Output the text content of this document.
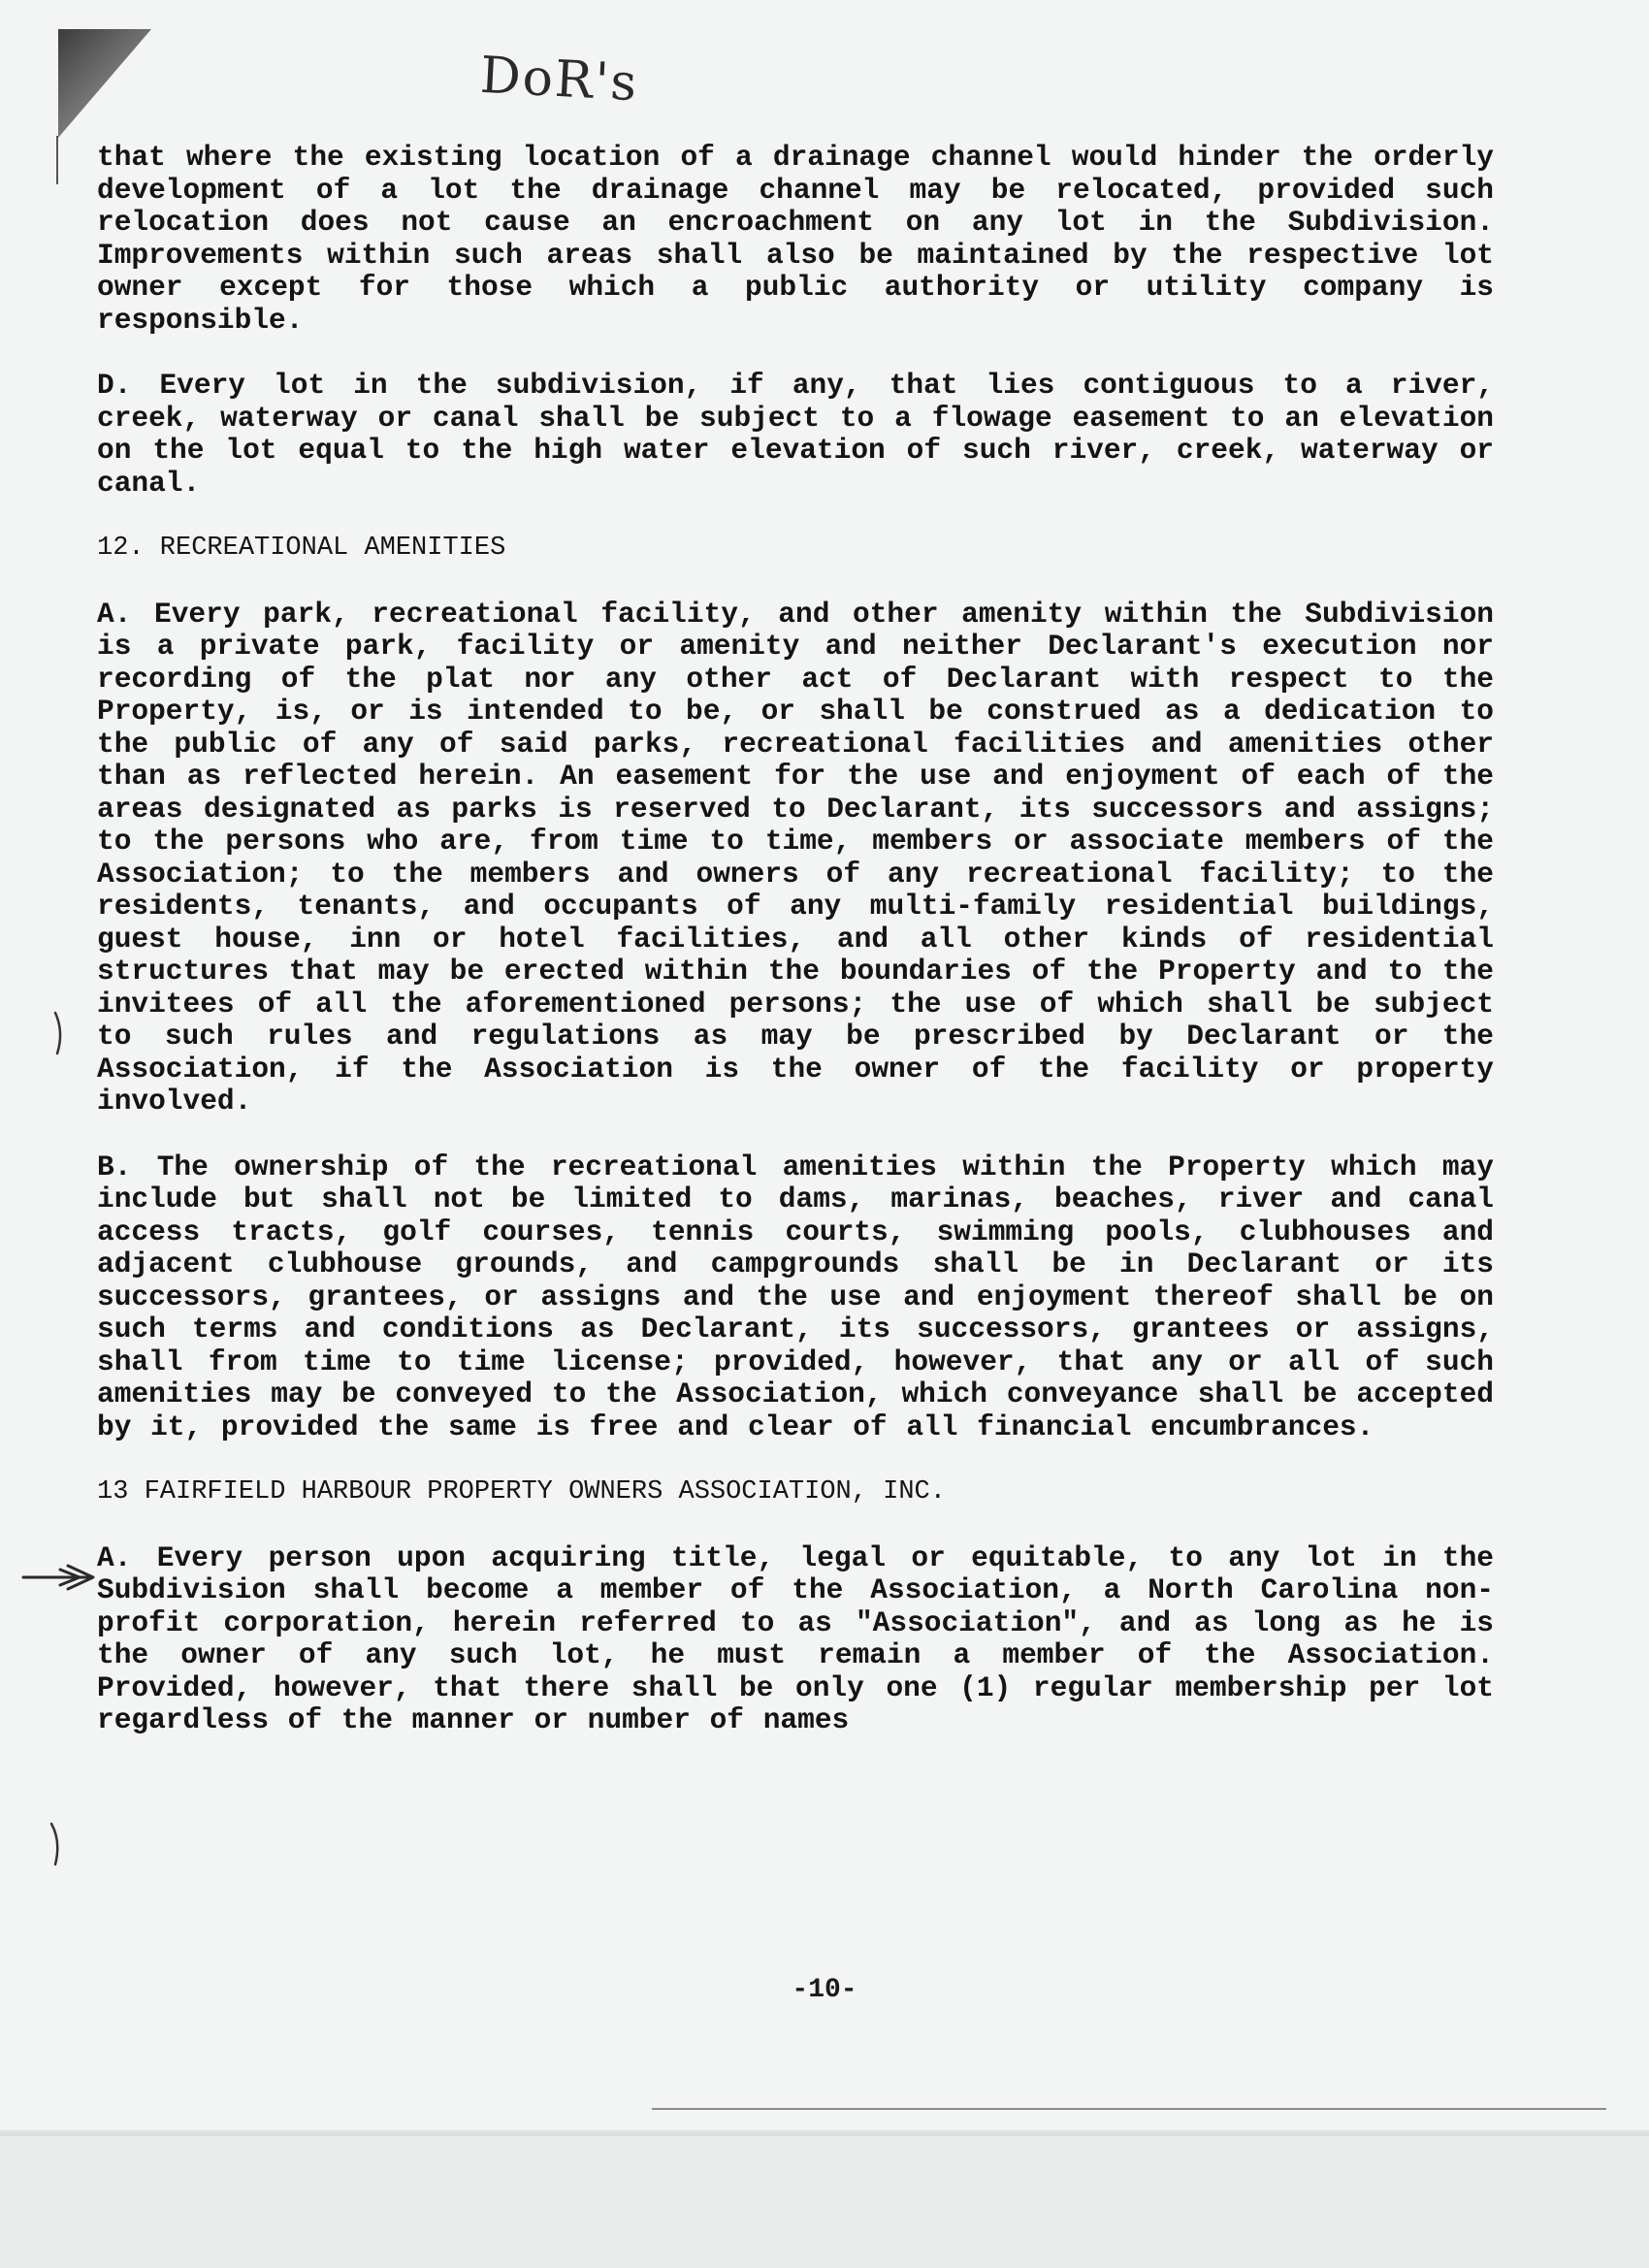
DoR's

that where the existing location of a drainage channel would hinder the orderly development of a lot the drainage channel may be relocated, provided such relocation does not cause an encroachment on any lot in the Subdivision. Improvements within such areas shall also be maintained by the respective lot owner except for those which a public authority or utility company is responsible.

D. Every lot in the subdivision, if any, that lies contiguous to a river, creek, waterway or canal shall be subject to a flowage easement to an elevation on the lot equal to the high water elevation of such river, creek, waterway or canal.

12. RECREATIONAL AMENITIES

A. Every park, recreational facility, and other amenity within the Subdivision is a private park, facility or amenity and neither Declarant's execution nor recording of the plat nor any other act of Declarant with respect to the Property, is, or is intended to be, or shall be construed as a dedication to the public of any of said parks, recreational facilities and amenities other than as reflected herein. An easement for the use and enjoyment of each of the areas designated as parks is reserved to Declarant, its successors and assigns; to the persons who are, from time to time, members or associate members of the Association; to the members and owners of any recreational facility; to the residents, tenants, and occupants of any multi-family residential buildings, guest house, inn or hotel facilities, and all other kinds of residential structures that may be erected within the boundaries of the Property and to the invitees of all the aforementioned persons; the use of which shall be subject to such rules and regulations as may be prescribed by Declarant or the Association, if the Association is the owner of the facility or property involved.

B. The ownership of the recreational amenities within the Property which may include but shall not be limited to dams, marinas, beaches, river and canal access tracts, golf courses, tennis courts, swimming pools, clubhouses and adjacent clubhouse grounds, and campgrounds shall be in Declarant or its successors, grantees, or assigns and the use and enjoyment thereof shall be on such terms and conditions as Declarant, its successors, grantees or assigns, shall from time to time license; provided, however, that any or all of such amenities may be conveyed to the Association, which conveyance shall be accepted by it, provided the same is free and clear of all financial encumbrances.

13 FAIRFIELD HARBOUR PROPERTY OWNERS ASSOCIATION, INC.

A. Every person upon acquiring title, legal or equitable, to any lot in the Subdivision shall become a member of the Association, a North Carolina non-profit corporation, herein referred to as "Association", and as long as he is the owner of any such lot, he must remain a member of the Association. Provided, however, that there shall be only one (1) regular membership per lot regardless of the manner or number of names

-10-
